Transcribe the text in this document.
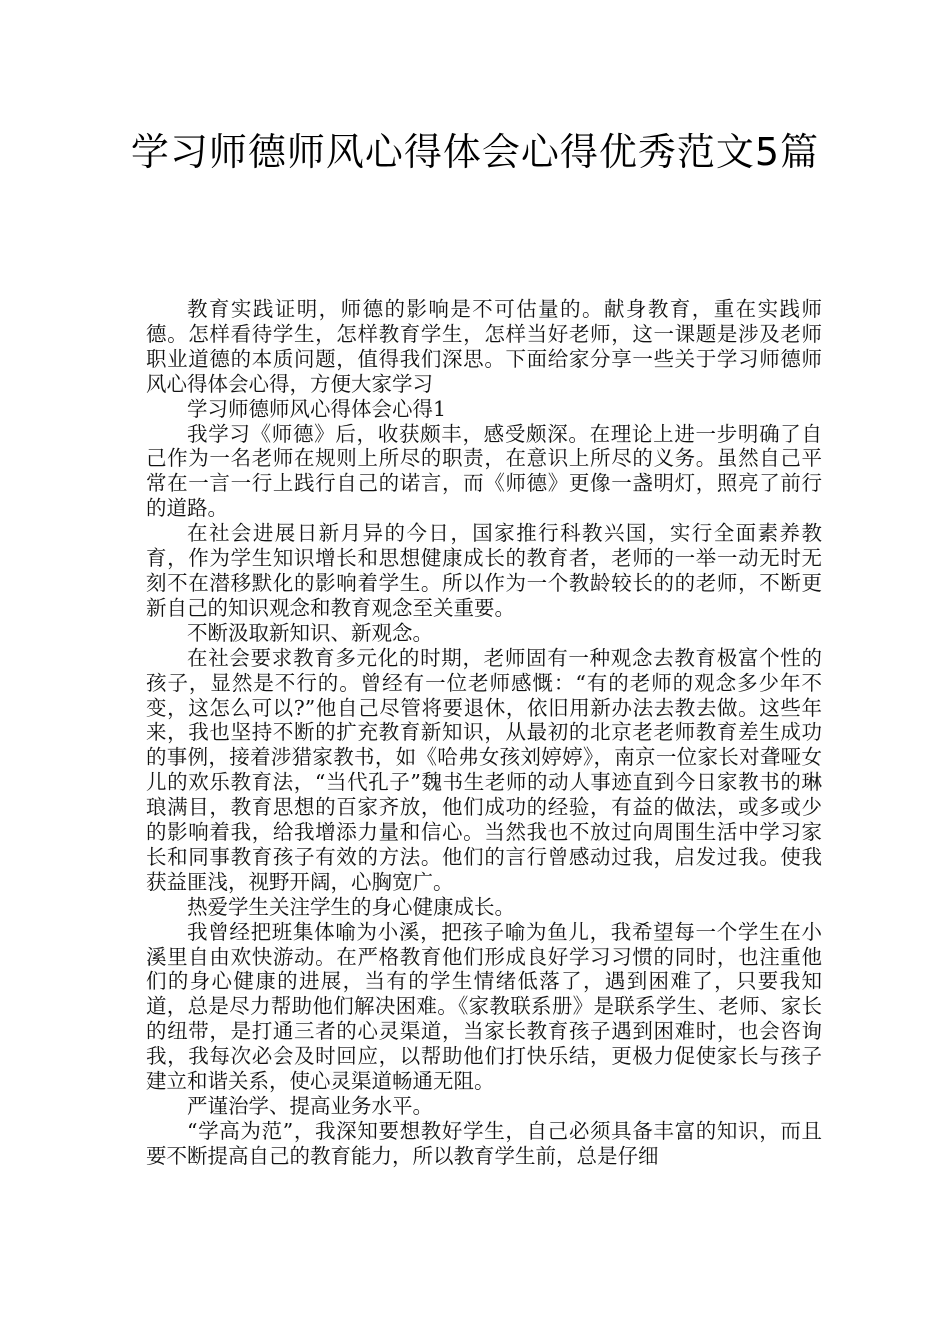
学习师德师风心得体会心得优秀范文5篇

教育实践证明，师德的影响是不可估量的。献身教育，重在实践师德。怎样看待学生，怎样教育学生，怎样当好老师，这一课题是涉及老师职业道德的本质问题，值得我们深思。下面给家分享一些关于学习师德师风心得体会心得，方便大家学习

学习师德师风心得体会心得1

我学习《师德》后，收获颇丰，感受颇深。在理论上进一步明确了自己作为一名老师在规则上所尽的职责，在意识上所尽的义务。虽然自己平常在一言一行上践行自己的诺言，而《师德》更像一盏明灯，照亮了前行的道路。

在社会进展日新月异的今日，国家推行科教兴国，实行全面素养教育，作为学生知识增长和思想健康成长的教育者，老师的一举一动无时无刻不在潜移默化的影响着学生。所以作为一个教龄较长的的老师，不断更新自己的知识观念和教育观念至关重要。

不断汲取新知识、新观念。

在社会要求教育多元化的时期，老师固有一种观念去教育极富个性的孩子，显然是不行的。曾经有一位老师感慨：“有的老师的观念多少年不变，这怎么可以?”他自己尽管将要退休，依旧用新办法去教去做。这些年来，我也坚持不断的扩充教育新知识，从最初的北京老老师教育差生成功的事例，接着涉猎家教书，如《哈弗女孩刘婷婷》，南京一位家长对聋哑女儿的欢乐教育法，“当代孔子”魏书生老师的动人事迹直到今日家教书的琳琅满目，教育思想的百家齐放，他们成功的经验，有益的做法，或多或少的影响着我，给我增添力量和信心。当然我也不放过向周围生活中学习家长和同事教育孩子有效的方法。他们的言行曾感动过我，启发过我。使我获益匪浅，视野开阔，心胸宽广。

热爱学生关注学生的身心健康成长。

我曾经把班集体喻为小溪，把孩子喻为鱼儿，我希望每一个学生在小溪里自由欢快游动。在严格教育他们形成良好学习习惯的同时，也注重他们的身心健康的进展，当有的学生情绪低落了，遇到困难了，只要我知道，总是尽力帮助他们解决困难。《家教联系册》是联系学生、老师、家长的纽带，是打通三者的心灵渠道，当家长教育孩子遇到困难时，也会咨询我，我每次必会及时回应，以帮助他们打快乐结，更极力促使家长与孩子建立和谐关系，使心灵渠道畅通无阻。

严谨治学、提高业务水平。

“学高为范”，我深知要想教好学生，自己必须具备丰富的知识，而且要不断提高自己的教育能力，所以教育学生前，总是仔细
